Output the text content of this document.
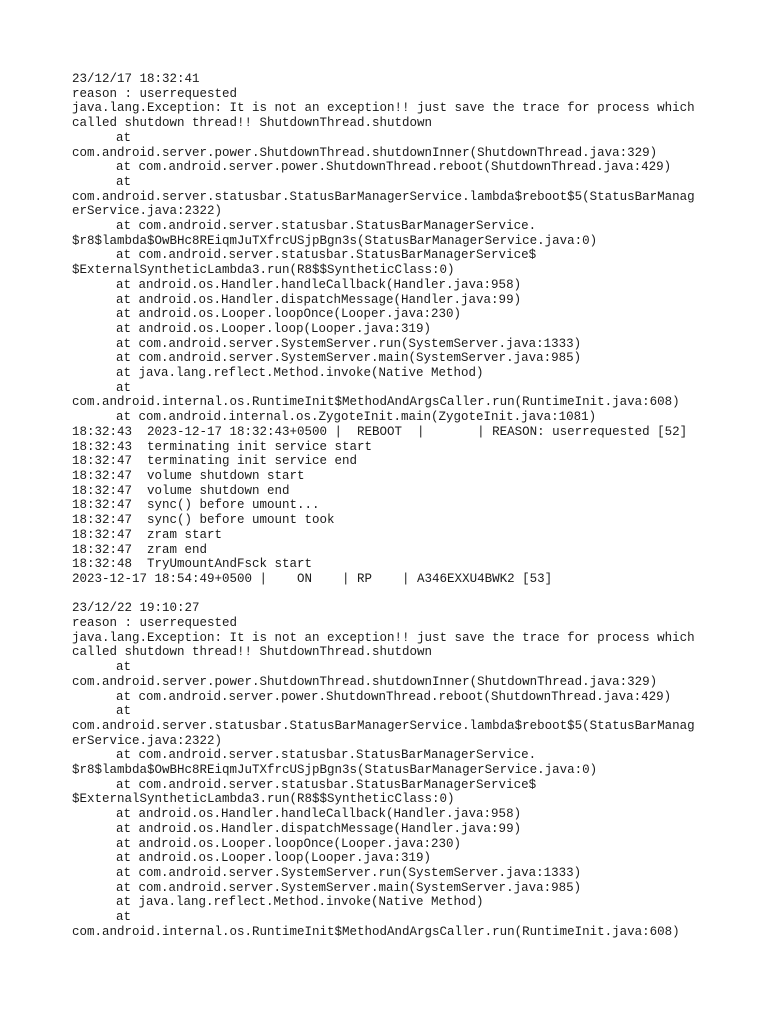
23/12/17 18:32:41
reason : userrequested
java.lang.Exception: It is not an exception!! just save the trace for process which
called shutdown thread!! ShutdownThread.shutdown
at
com.android.server.power.ShutdownThread.shutdownInner(ShutdownThread.java:329)
at com.android.server.power.ShutdownThread.reboot(ShutdownThread.java:429)
at
com.android.server.statusbar.StatusBarManagerService.lambda$reboot$5(StatusBarManag
erService.java:2322)
at com.android.server.statusbar.StatusBarManagerService.
$r8$lambda$OwBHc8REiqmJuTXfrcUSjpBgn3s(StatusBarManagerService.java:0)
at com.android.server.statusbar.StatusBarManagerService$
$ExternalSyntheticLambda3.run(R8$$SyntheticClass:0)
at android.os.Handler.handleCallback(Handler.java:958)
at android.os.Handler.dispatchMessage(Handler.java:99)
at android.os.Looper.loopOnce(Looper.java:230)
at android.os.Looper.loop(Looper.java:319)
at com.android.server.SystemServer.run(SystemServer.java:1333)
at com.android.server.SystemServer.main(SystemServer.java:985)
at java.lang.reflect.Method.invoke(Native Method)
at
com.android.internal.os.RuntimeInit$MethodAndArgsCaller.run(RuntimeInit.java:608)
at com.android.internal.os.ZygoteInit.main(ZygoteInit.java:1081)
18:32:43  2023-12-17 18:32:43+0500 |  REBOOT  |       | REASON: userrequested [52]
18:32:43  terminating init service start
18:32:47  terminating init service end
18:32:47  volume shutdown start
18:32:47  volume shutdown end
18:32:47  sync() before umount...
18:32:47  sync() before umount took
18:32:47  zram start
18:32:47  zram end
18:32:48  TryUmountAndFsck start
2023-12-17 18:54:49+0500 |    ON    | RP    | A346EXXU4BWK2 [53]
23/12/22 19:10:27
reason : userrequested
java.lang.Exception: It is not an exception!! just save the trace for process which
called shutdown thread!! ShutdownThread.shutdown
at
com.android.server.power.ShutdownThread.shutdownInner(ShutdownThread.java:329)
at com.android.server.power.ShutdownThread.reboot(ShutdownThread.java:429)
at
com.android.server.statusbar.StatusBarManagerService.lambda$reboot$5(StatusBarManag
erService.java:2322)
at com.android.server.statusbar.StatusBarManagerService.
$r8$lambda$OwBHc8REiqmJuTXfrcUSjpBgn3s(StatusBarManagerService.java:0)
at com.android.server.statusbar.StatusBarManagerService$
$ExternalSyntheticLambda3.run(R8$$SyntheticClass:0)
at android.os.Handler.handleCallback(Handler.java:958)
at android.os.Handler.dispatchMessage(Handler.java:99)
at android.os.Looper.loopOnce(Looper.java:230)
at android.os.Looper.loop(Looper.java:319)
at com.android.server.SystemServer.run(SystemServer.java:1333)
at com.android.server.SystemServer.main(SystemServer.java:985)
at java.lang.reflect.Method.invoke(Native Method)
at
com.android.internal.os.RuntimeInit$MethodAndArgsCaller.run(RuntimeInit.java:608)
